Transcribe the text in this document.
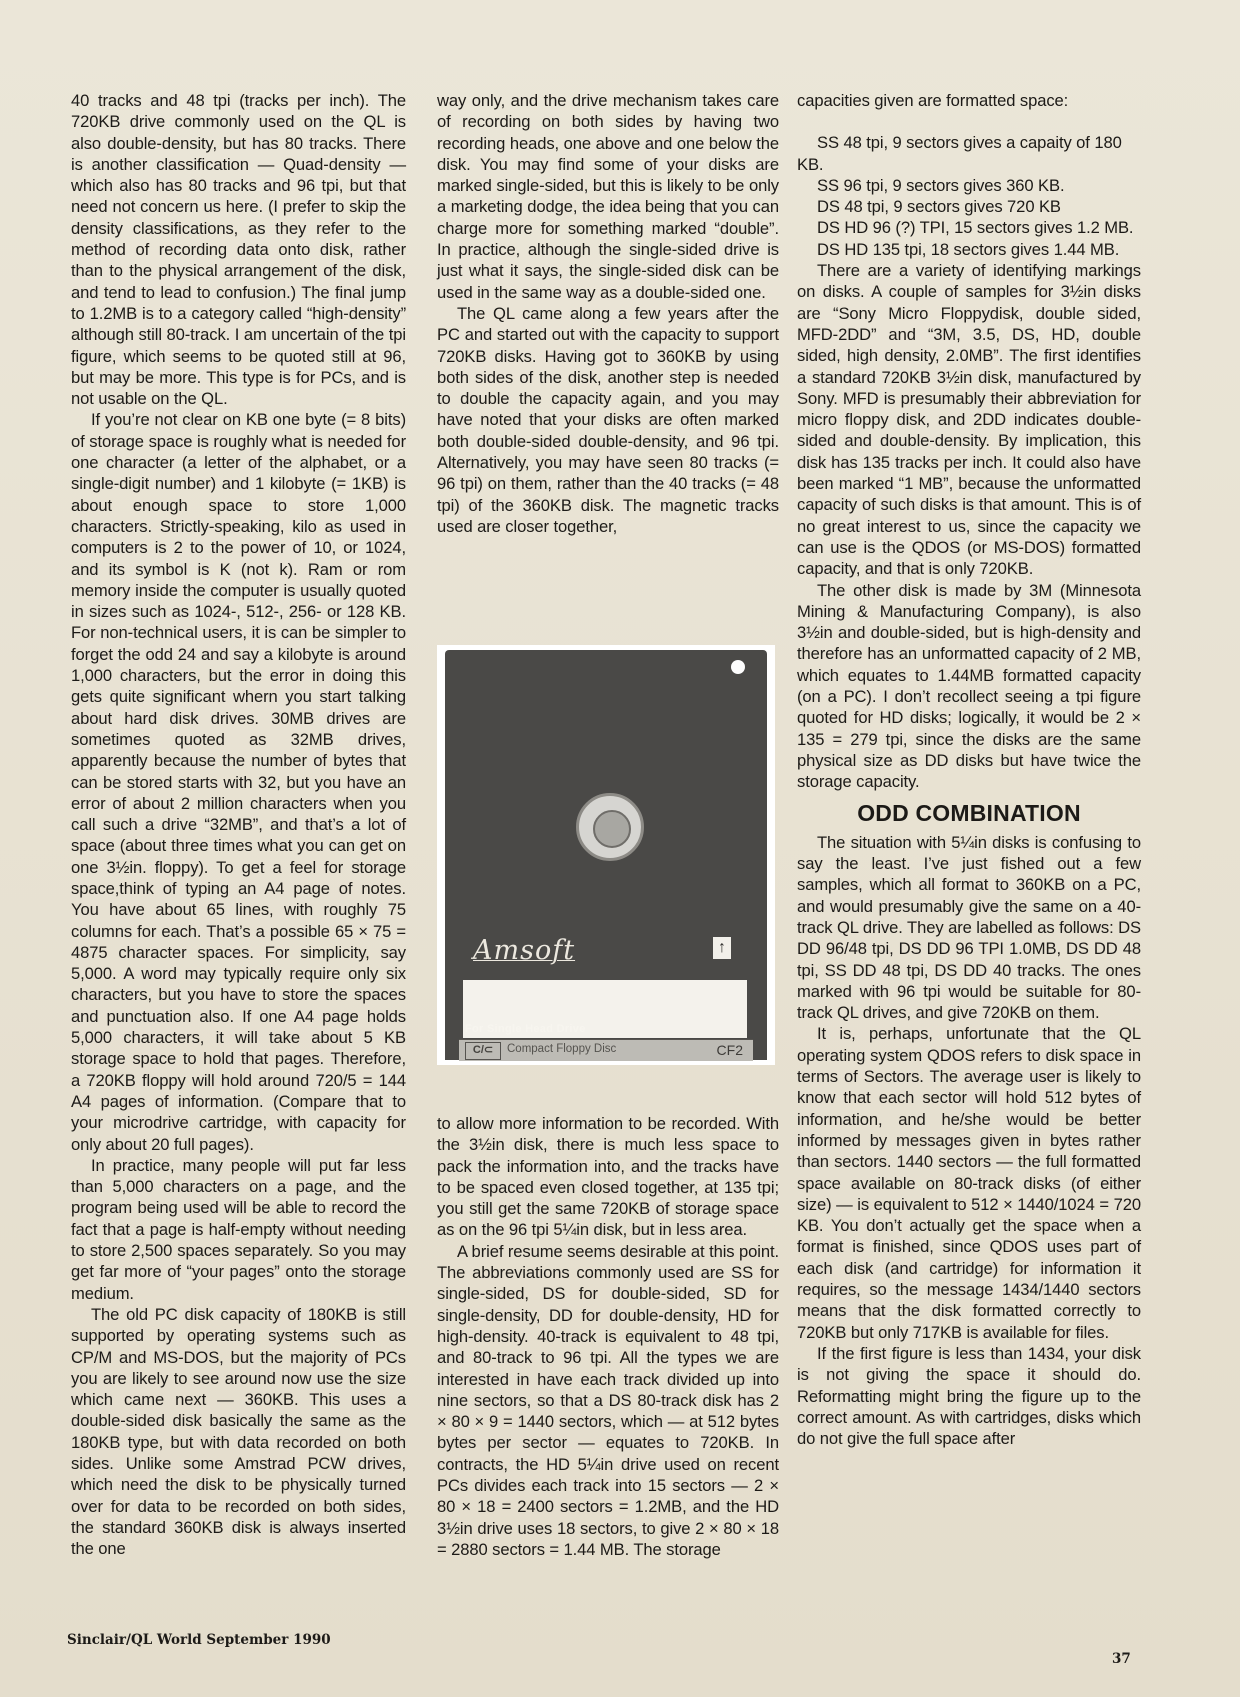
40 tracks and 48 tpi (tracks per inch). The 720KB drive commonly used on the QL is also double-density, but has 80 tracks. There is another classification — Quad-density — which also has 80 tracks and 96 tpi, but that need not concern us here. (I prefer to skip the density classifications, as they refer to the method of recording data onto disk, rather than to the physical arrangement of the disk, and tend to lead to confusion.) The final jump to 1.2MB is to a category called “high-density” although still 80-track. I am uncertain of the tpi figure, which seems to be quoted still at 96, but may be more. This type is for PCs, and is not usable on the QL.

If you’re not clear on KB one byte (= 8 bits) of storage space is roughly what is needed for one character (a letter of the alphabet, or a single-digit number) and 1 kilobyte (= 1KB) is about enough space to store 1,000 characters. Strictly-speaking, kilo as used in computers is 2 to the power of 10, or 1024, and its symbol is K (not k). Ram or rom memory inside the computer is usually quoted in sizes such as 1024-, 512-, 256- or 128 KB. For non-technical users, it is can be simpler to forget the odd 24 and say a kilobyte is around 1,000 characters, but the error in doing this gets quite significant whern you start talking about hard disk drives. 30MB drives are sometimes quoted as 32MB drives, apparently because the number of bytes that can be stored starts with 32, but you have an error of about 2 million characters when you call such a drive “32MB”, and that’s a lot of space (about three times what you can get on one 3½in. floppy). To get a feel for storage space,think of typing an A4 page of notes. You have about 65 lines, with roughly 75 columns for each. That’s a possible 65 × 75 = 4875 character spaces. For simplicity, say 5,000. A word may typically require only six characters, but you have to store the spaces and punctuation also. If one A4 page holds 5,000 characters, it will take about 5 KB storage space to hold that pages. Therefore, a 720KB floppy will hold around 720/5 = 144 A4 pages of information. (Compare that to your microdrive cartridge, with capacity for only about 20 full pages).

In practice, many people will put far less than 5,000 characters on a page, and the program being used will be able to record the fact that a page is half-empty without needing to store 2,500 spaces separately. So you may get far more of “your pages” onto the storage medium.

The old PC disk capacity of 180KB is still supported by operating systems such as CP/M and MS-DOS, but the majority of PCs you are likely to see around now use the size which came next — 360KB. This uses a double-sided disk basically the same as the 180KB type, but with data recorded on both sides. Unlike some Amstrad PCW drives, which need the disk to be physically turned over for data to be recorded on both sides, the standard 360KB disk is always inserted the one

way only, and the drive mechanism takes care of recording on both sides by having two recording heads, one above and one below the disk. You may find some of your disks are marked single-sided, but this is likely to be only a marketing dodge, the idea being that you can charge more for something marked “double”. In practice, although the single-sided drive is just what it says, the single-sided disk can be used in the same way as a double-sided one.

The QL came along a few years after the PC and started out with the capacity to support 720KB disks. Having got to 360KB by using both sides of the disk, another step is needed to double the capacity again, and you may have noted that your disks are often marked both double-sided double-density, and 96 tpi. Alternatively, you may have seen 80 tracks (= 96 tpi) on them, rather than the 40 tracks (= 48 tpi) of the 360KB disk. The magnetic tracks used are closer together,

to allow more information to be recorded. With the 3½in disk, there is much less space to pack the information into, and the tracks have to be spaced even closed together, at 135 tpi; you still get the same 720KB of storage space as on the 96 tpi 5¼in disk, but in less area.

A brief resume seems desirable at this point. The abbreviations commonly used are SS for single-sided, DS for double-sided, SD for single-density, DD for double-density, HD for high-density. 40-track is equivalent to 48 tpi, and 80-track to 96 tpi. All the types we are interested in have each track divided up into nine sectors, so that a DS 80-track disk has 2 × 80 × 9 = 1440 sectors, which — at 512 bytes bytes per sector — equates to 720KB. In contracts, the HD 5¼in drive used on recent PCs divides each track into 15 sectors — 2 × 80 × 18 = 2400 sectors = 1.2MB, and the HD 3½in drive uses 18 sectors, to give 2 × 80 × 18 = 2880 sectors = 1.44 MB. The storage

Amsoft	↑
For Single Head Drive
C/⊂	Compact Floppy Disc	CF2

capacities given are formatted space:

SS 48 tpi, 9 sectors gives a capaity of 180 KB.

SS 96 tpi, 9 sectors gives 360 KB.

DS 48 tpi, 9 sectors gives 720 KB

DS HD 96 (?) TPI, 15 sectors gives 1.2 MB.

DS HD 135 tpi, 18 sectors gives 1.44 MB.

There are a variety of identifying markings on disks. A couple of samples for 3½in disks are “Sony Micro Floppydisk, double sided, MFD-2DD” and “3M, 3.5, DS, HD, double sided, high density, 2.0MB”. The first identifies a standard 720KB 3½in disk, manufactured by Sony. MFD is presumably their abbreviation for micro floppy disk, and 2DD indicates double-sided and double-density. By implication, this disk has 135 tracks per inch. It could also have been marked “1 MB”, because the unformatted capacity of such disks is that amount. This is of no great interest to us, since the capacity we can use is the QDOS (or MS-DOS) formatted capacity, and that is only 720KB.

The other disk is made by 3M (Minnesota Mining & Manufacturing Company), is also 3½in and double-sided, but is high-density and therefore has an unformatted capacity of 2 MB, which equates to 1.44MB formatted capacity (on a PC). I don’t recollect seeing a tpi figure quoted for HD disks; logically, it would be 2 × 135 = 279 tpi, since the disks are the same physical size as DD disks but have twice the storage capacity.

ODD COMBINATION

The situation with 5¼in disks is confusing to say the least. I’ve just fished out a few samples, which all format to 360KB on a PC, and would presumably give the same on a 40-track QL drive. They are labelled as follows: DS DD 96/48 tpi, DS DD 96 TPI 1.0MB, DS DD 48 tpi, SS DD 48 tpi, DS DD 40 tracks. The ones marked with 96 tpi would be suitable for 80-track QL drives, and give 720KB on them.

It is, perhaps, unfortunate that the QL operating system QDOS refers to disk space in terms of Sectors. The average user is likely to know that each sector will hold 512 bytes of information, and he/she would be better informed by messages given in bytes rather than sectors. 1440 sectors — the full formatted space available on 80-track disks (of either size) — is equivalent to 512 × 1440/1024 = 720 KB. You don’t actually get the space when a format is finished, since QDOS uses part of each disk (and cartridge) for information it requires, so the message 1434/1440 sectors means that the disk formatted correctly to 720KB but only 717KB is available for files.

If the first figure is less than 1434, your disk is not giving the space it should do. Reformatting might bring the figure up to the correct amount. As with cartridges, disks which do not give the full space after

Sinclair/QL World September 1990
37
